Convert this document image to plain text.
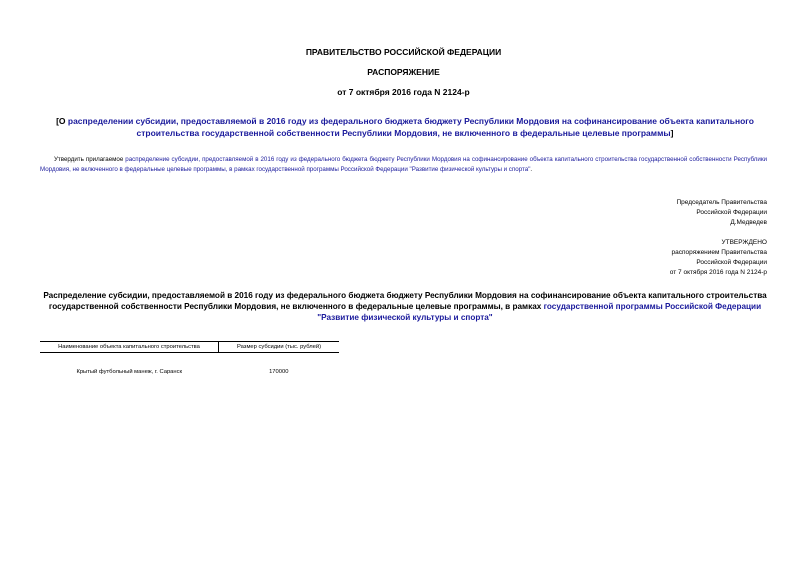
ПРАВИТЕЛЬСТВО РОССИЙСКОЙ ФЕДЕРАЦИИ
РАСПОРЯЖЕНИЕ
от 7 октября 2016 года N 2124-р
[О распределении субсидии, предоставляемой в 2016 году из федерального бюджета бюджету Республики Мордовия на софинансирование объекта капитального строительства государственной собственности Республики Мордовия, не включенного в федеральные целевые программы]
Утвердить прилагаемое распределение субсидии, предоставляемой в 2016 году из федерального бюджета бюджету Республики Мордовия на софинансирование объекта капитального строительства государственной собственности Республики Мордовия, не включенного в федеральные целевые программы, в рамках государственной программы Российской Федерации "Развитие физической культуры и спорта".
Председатель Правительства
Российской Федерации
Д.Медведев
УТВЕРЖДЕНО
распоряжением Правительства
Российской Федерации
от 7 октября 2016 года N 2124-р
Распределение субсидии, предоставляемой в 2016 году из федерального бюджета бюджету Республики Мордовия на софинансирование объекта капитального строительства государственной собственности Республики Мордовия, не включенного в федеральные целевые программы, в рамках государственной программы Российской Федерации "Развитие физической культуры и спорта"
Наименование объекта капитального строительства	Размер субсидии (тыс. рублей)

Крытый футбольный манеж, г. Саранск	170000
